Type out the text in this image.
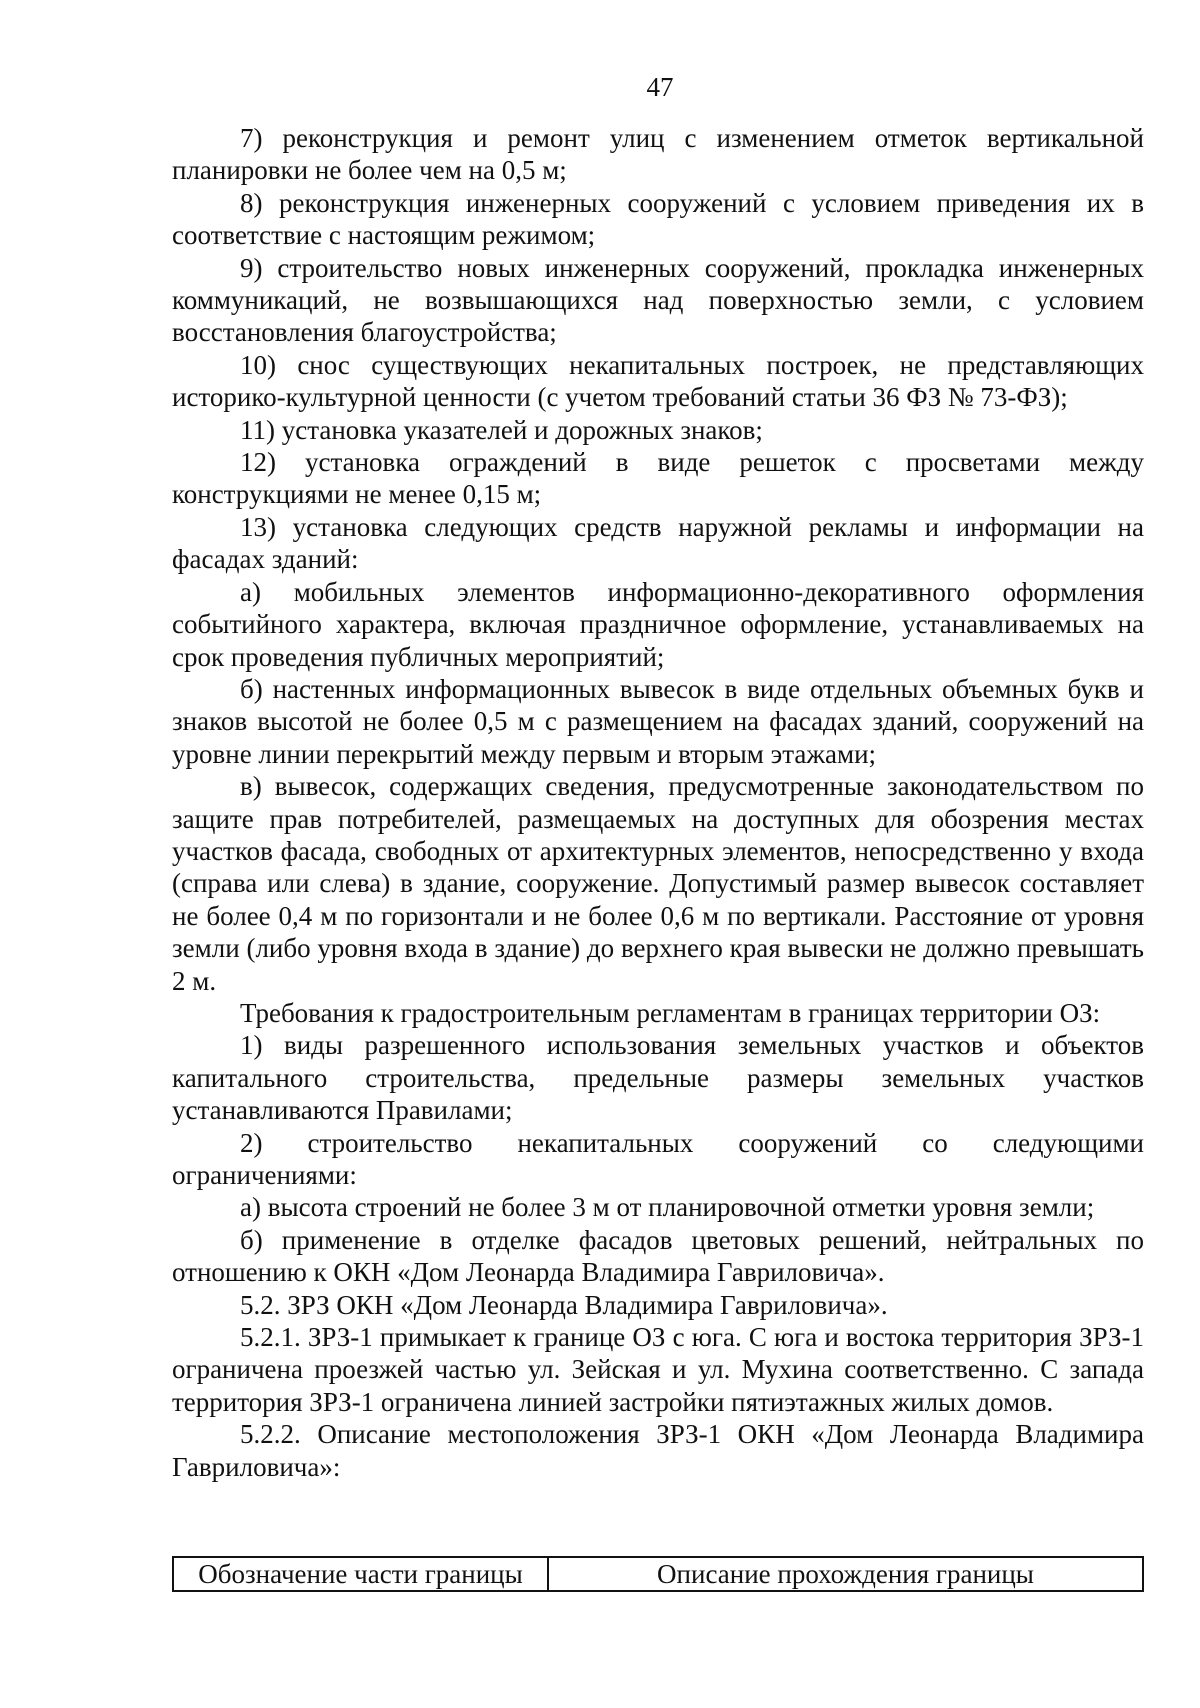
47

7) реконструкция и ремонт улиц с изменением отметок вертикальной планировки не более чем на 0,5 м;

8) реконструкция инженерных сооружений с условием приведения их в соответствие с настоящим режимом;

9) строительство новых инженерных сооружений, прокладка инженерных коммуникаций, не возвышающихся над поверхностью земли, с условием восстановления благоустройства;

10) снос существующих некапитальных построек, не представляющих историко-культурной ценности (с учетом требований статьи 36 ФЗ № 73-ФЗ);

11) установка указателей и дорожных знаков;

12) установка ограждений в виде решеток с просветами между конструкциями не менее 0,15 м;

13) установка следующих средств наружной рекламы и информации на фасадах зданий:

а) мобильных элементов информационно-декоративного оформления событийного характера, включая праздничное оформление, устанавливаемых на срок проведения публичных мероприятий;

б) настенных информационных вывесок в виде отдельных объемных букв и знаков высотой не более 0,5 м с размещением на фасадах зданий, сооружений на уровне линии перекрытий между первым и вторым этажами;

в) вывесок, содержащих сведения, предусмотренные законодательством по защите прав потребителей, размещаемых на доступных для обозрения местах участков фасада, свободных от архитектурных элементов, непосредственно у входа (справа или слева) в здание, сооружение. Допустимый размер вывесок составляет не более 0,4 м по горизонтали и не более 0,6 м по вертикали. Расстояние от уровня земли (либо уровня входа в здание) до верхнего края вывески не должно превышать 2 м.

Требования к градостроительным регламентам в границах территории ОЗ:

1) виды разрешенного использования земельных участков и объектов капитального строительства, предельные размеры земельных участков устанавливаются Правилами;

2) строительство некапитальных сооружений со следующими ограничениями:

а) высота строений не более 3 м от планировочной отметки уровня земли;

б) применение в отделке фасадов цветовых решений, нейтральных по отношению к ОКН «Дом Леонарда Владимира Гавриловича».

5.2. ЗРЗ ОКН «Дом Леонарда Владимира Гавриловича».

5.2.1. ЗРЗ-1 примыкает к границе ОЗ с юга. С юга и востока территория ЗРЗ-1 ограничена проезжей частью ул. Зейская и ул. Мухина соответственно. С запада территория ЗРЗ-1 ограничена линией застройки пятиэтажных жилых домов.

5.2.2. Описание местоположения ЗРЗ-1 ОКН «Дом Леонарда Владимира Гавриловича»:

Обозначение части границы	Описание прохождения границы
